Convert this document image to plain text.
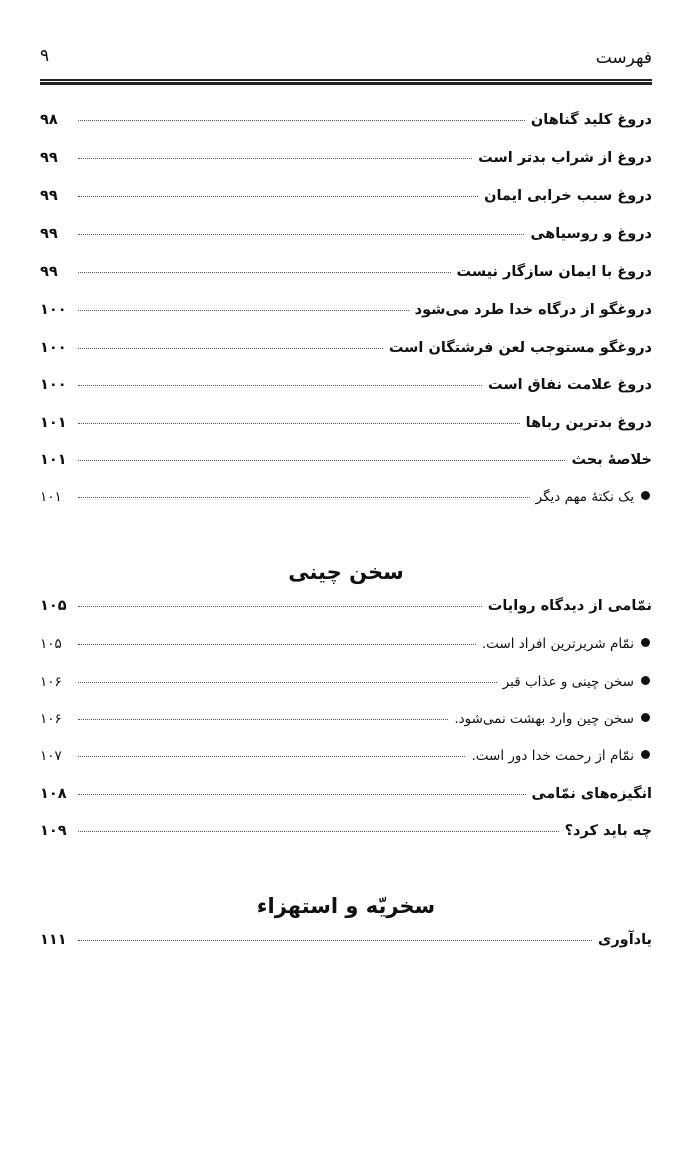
فهرست
۹
دروغ کلید گناهان
۹۸
دروغ از شراب بدتر است
۹۹
دروغ سبب خرابی ایمان
۹۹
دروغ و روسیاهی
۹۹
دروغ با ایمان سازگار نیست
۹۹
دروغگو از درگاه خدا طرد می‌شود
۱۰۰
دروغگو مستوجب لعن فرشتگان است
۱۰۰
دروغ علامت نفاق است
۱۰۰
دروغ بدترین رباها
۱۰۱
خلاصهٔ بحث
۱۰۱
یک نکتهٔ مهم دیگر
۱۰۱
سخن چینی
نمّامی از دیدگاه روایات
۱۰۵
نمّام شریرترین افراد است.
۱۰۵
سخن چینی و عذاب قبر
۱۰۶
سخن چین وارد بهشت نمی‌شود.
۱۰۶
نمّام از رحمت خدا دور است.
۱۰۷
انگیزه‌های نمّامی
۱۰۸
چه باید کرد؟
۱۰۹
سخریّه و استهزاء
یادآوری
۱۱۱
